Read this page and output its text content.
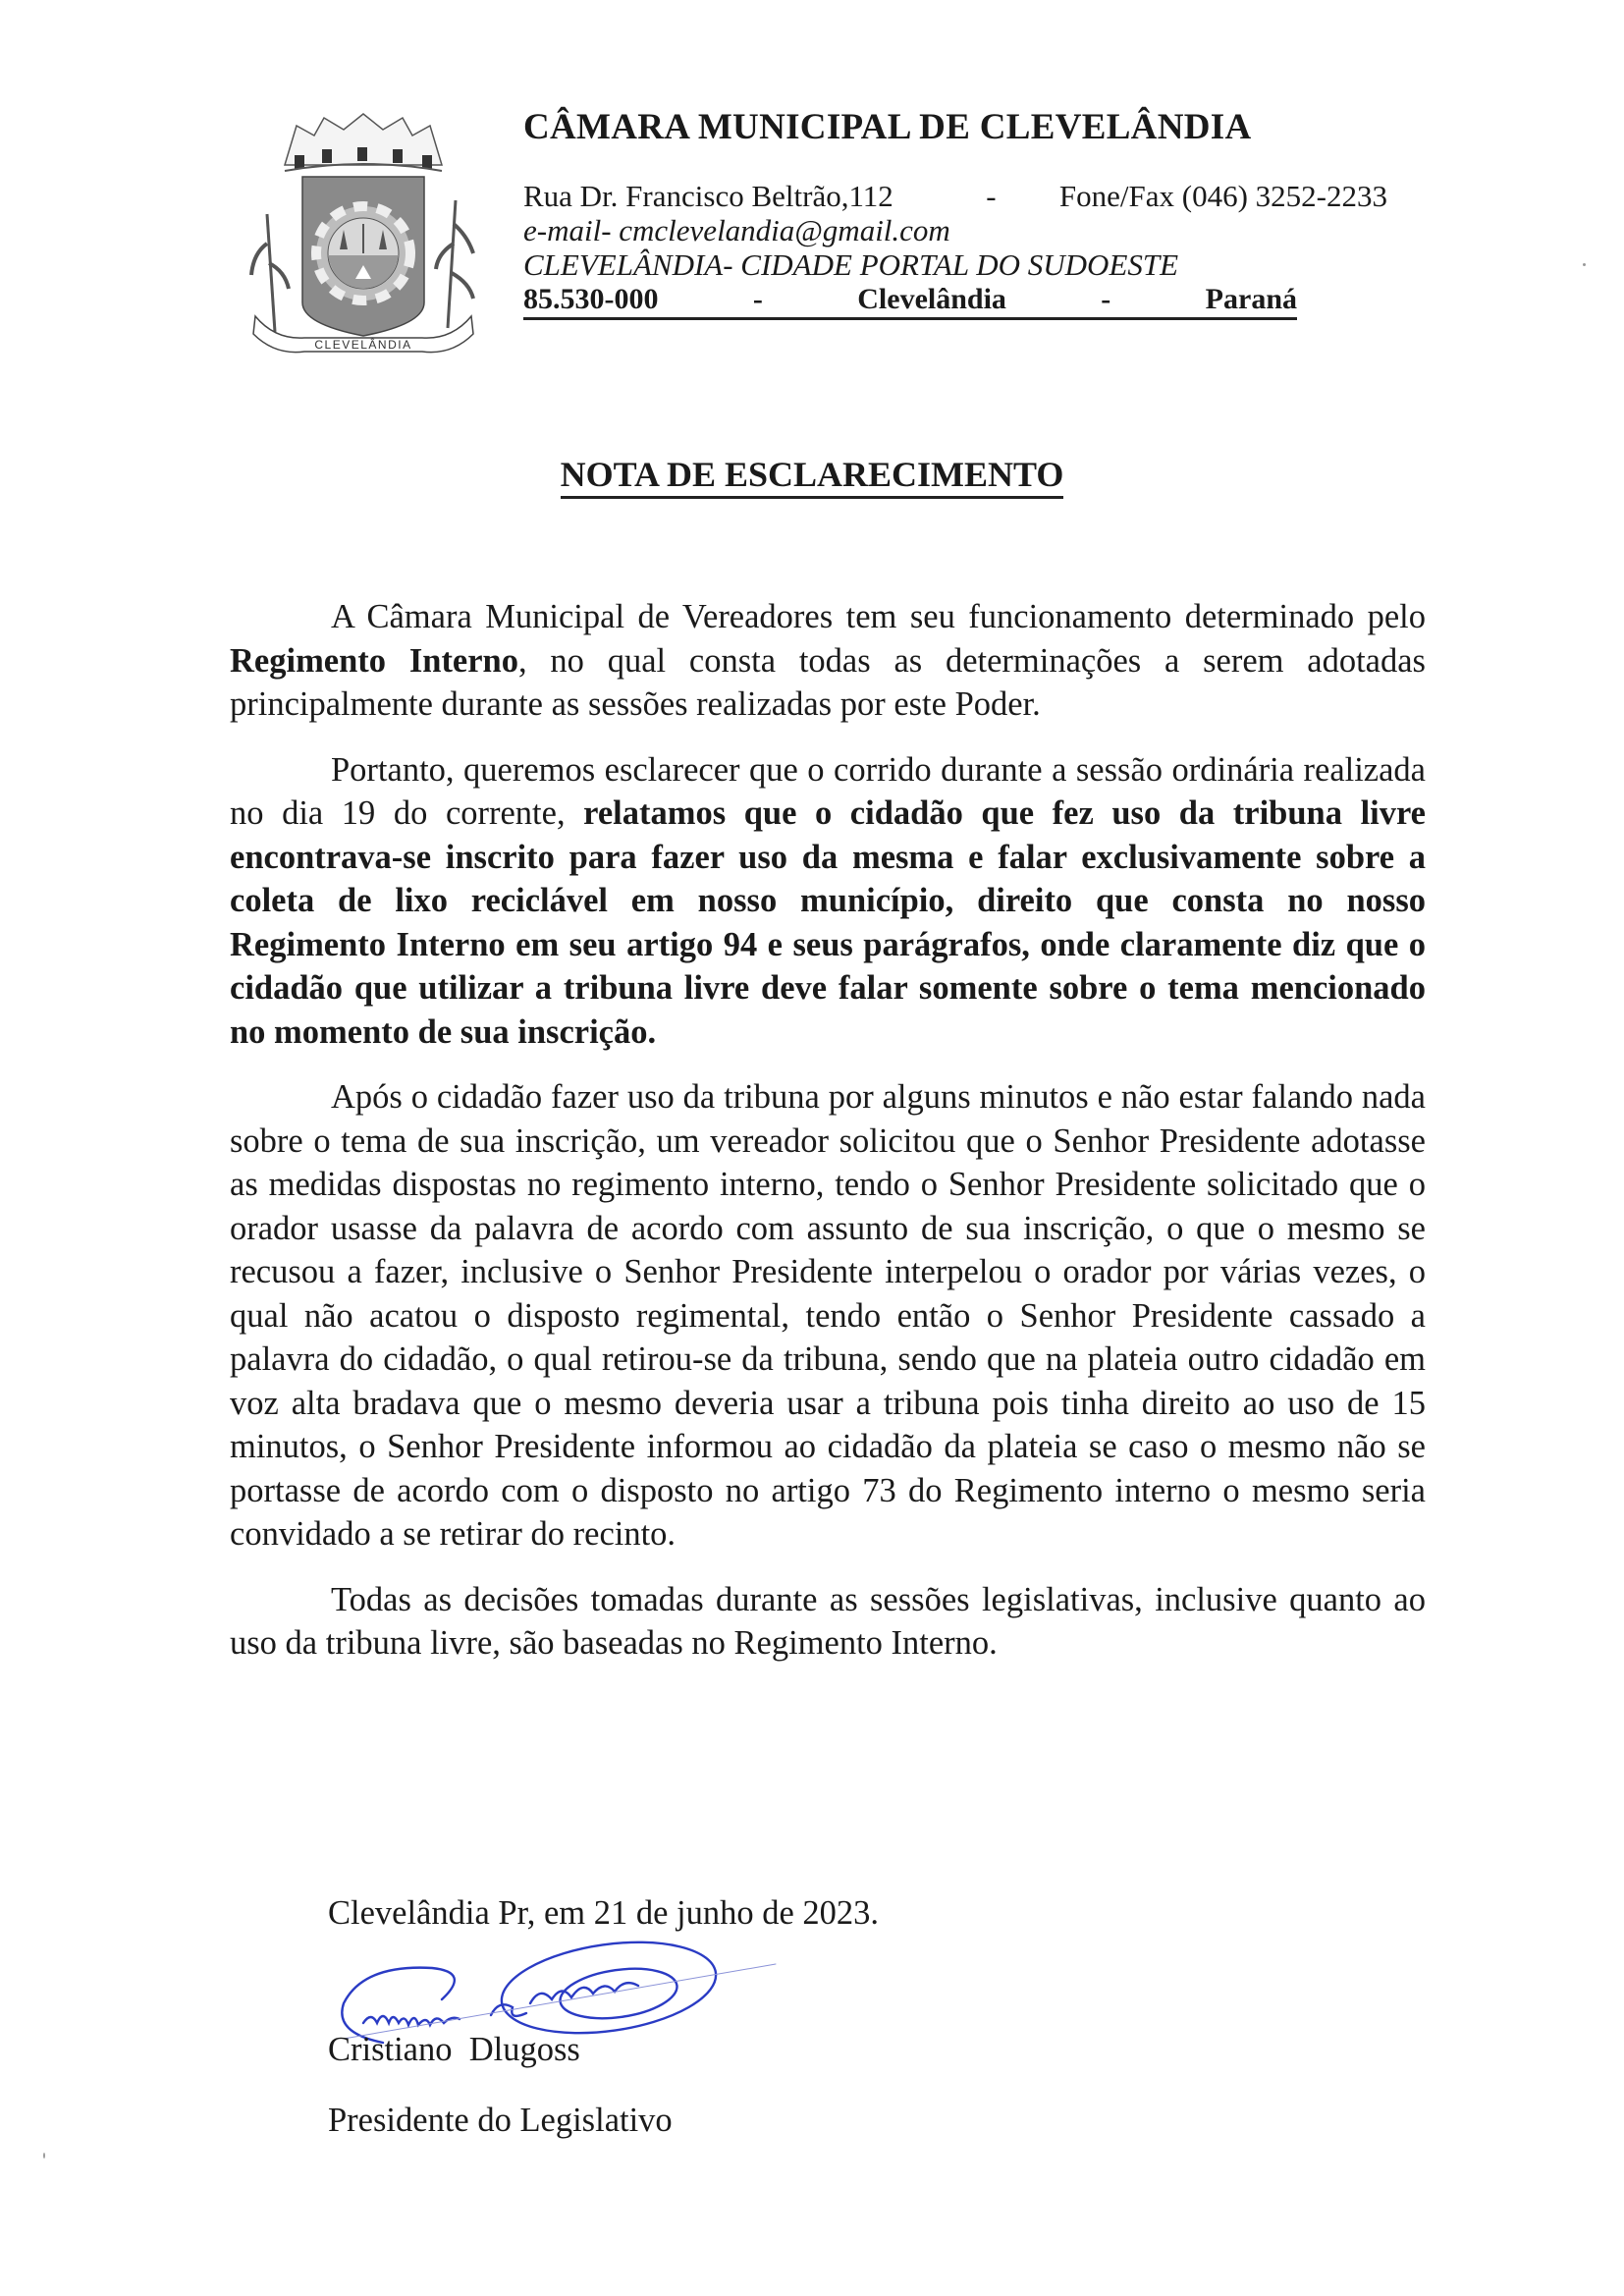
CLEVELÂNDIA
CÂMARA MUNICIPAL DE CLEVELÂNDIA
Rua Dr. Francisco Beltrão,112	- Fone/Fax (046) 3252-2233

e-mail- cmclevelandia@gmail.com

CLEVELÂNDIA- CIDADE PORTAL DO SUDOESTE

85.530-000	-	Clevelândia	-	Paraná
NOTA DE ESCLARECIMENTO

A Câmara Municipal de Vereadores tem seu funcionamento determinado pelo Regimento Interno, no qual consta todas as determinações a serem adotadas principalmente durante as sessões realizadas por este Poder.

Portanto, queremos esclarecer que o corrido durante a sessão ordinária realizada no dia 19 do corrente, relatamos que o cidadão que fez uso da tribuna livre encontrava-se inscrito para fazer uso da mesma e falar exclusivamente sobre a coleta de lixo reciclável em nosso município, direito que consta no nosso Regimento Interno em seu artigo 94 e seus parágrafos, onde claramente diz que o cidadão que utilizar a tribuna livre deve falar somente sobre o tema mencionado no momento de sua inscrição.

Após o cidadão fazer uso da tribuna por alguns minutos e não estar falando nada sobre o tema de sua inscrição, um vereador solicitou que o Senhor Presidente adotasse as medidas dispostas no regimento interno, tendo o Senhor Presidente solicitado que o orador usasse da palavra de acordo com assunto de sua inscrição, o que o mesmo se recusou a fazer, inclusive o Senhor Presidente interpelou o orador por várias vezes, o qual não acatou o disposto regimental, tendo então o Senhor Presidente cassado a palavra do cidadão, o qual retirou-se da tribuna, sendo que na plateia outro cidadão em voz alta bradava que o mesmo deveria usar a tribuna pois tinha direito ao uso de 15 minutos, o Senhor Presidente informou ao cidadão da plateia se caso o mesmo não se portasse de acordo com o disposto no artigo 73 do Regimento interno o mesmo seria convidado a se retirar do recinto.

Todas as decisões tomadas durante as sessões legislativas, inclusive quanto ao uso da tribuna livre, são baseadas no Regimento Interno.

Clevelândia Pr, em 21 de junho de 2023.

Cristiano  Dlugoss
Presidente do Legislativo
